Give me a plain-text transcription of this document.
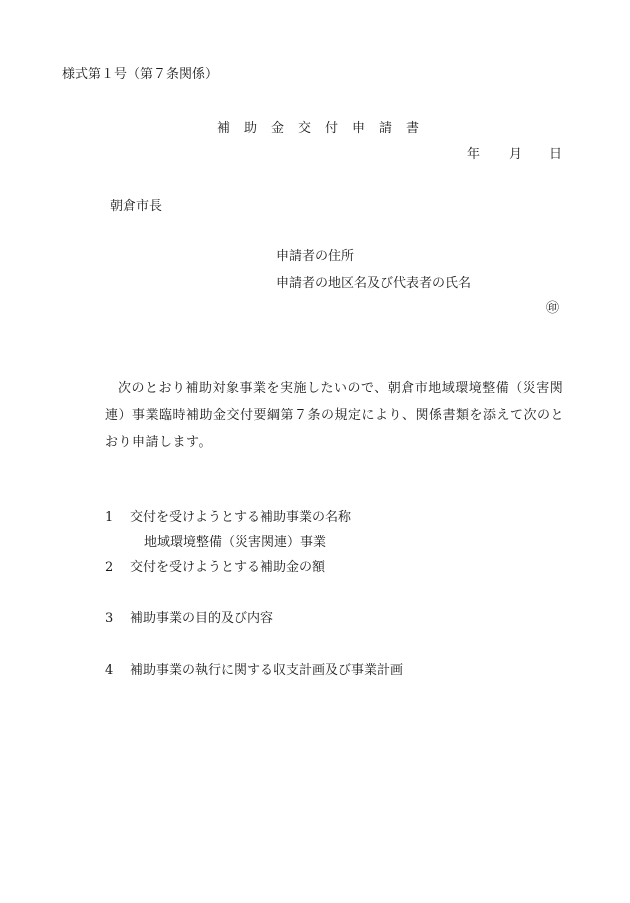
様式第１号（第７条関係）
補助金交付申請書
年 月 日
朝倉市長
申請者の住所
申請者の地区名及び代表者の氏名
㊞
次のとおり補助対象事業を実施したいので、朝倉市地域環境整備（災害関連）事業臨時補助金交付要綱第７条の規定により、関係書類を添えて次のとおり申請します。
1 交付を受けようとする補助事業の名称
地域環境整備（災害関連）事業
2 交付を受けようとする補助金の額
3 補助事業の目的及び内容
4 補助事業の執行に関する収支計画及び事業計画
